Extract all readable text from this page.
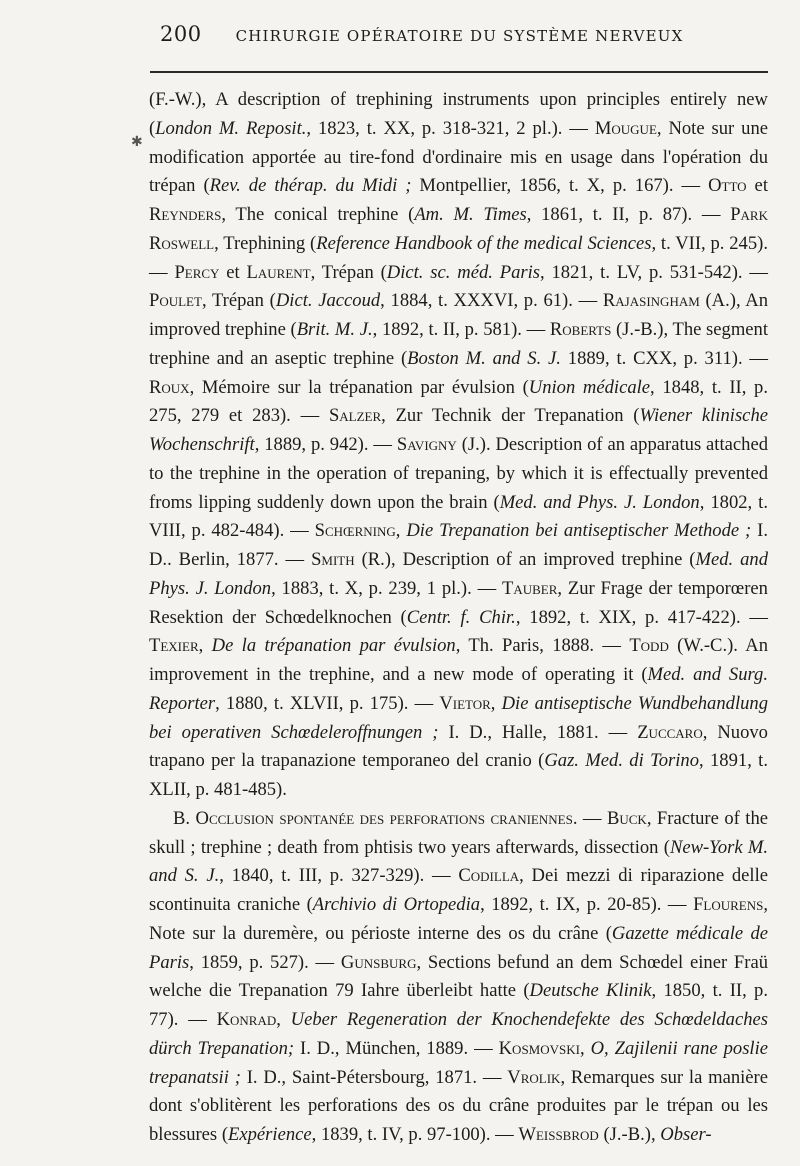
200 CHIRURGIE OPÉRATOIRE DU SYSTÈME NERVEUX
✱

(F.-W.), A description of trephining instruments upon principles entirely new (London M. Reposit., 1823, t. XX, p. 318-321, 2 pl.). — Mougue, Note sur une modification apportée au tire-fond d'ordinaire mis en usage dans l'opération du trépan (Rev. de thérap. du Midi ; Montpellier, 1856, t. X, p. 167). — Otto et Reynders, The conical trephine (Am. M. Times, 1861, t. II, p. 87). — Park Roswell, Trephining (Reference Handbook of the medical Sciences, t. VII, p. 245). — Percy et Laurent, Trépan (Dict. sc. méd. Paris, 1821, t. LV, p. 531-542). — Poulet, Trépan (Dict. Jaccoud, 1884, t. XXXVI, p. 61). — Rajasingham (A.), An improved trephine (Brit. M. J., 1892, t. II, p. 581). — Roberts (J.-B.), The segment trephine and an aseptic trephine (Boston M. and S. J. 1889, t. CXX, p. 311). — Roux, Mémoire sur la trépanation par évulsion (Union médicale, 1848, t. II, p. 275, 279 et 283). — Salzer, Zur Technik der Trepanation (Wiener klinische Wochenschrift, 1889, p. 942). — Savigny (J.). Description of an apparatus attached to the trephine in the operation of trepaning, by which it is effectually prevented froms lipping suddenly down upon the brain (Med. and Phys. J. London, 1802, t. VIII, p. 482-484). — Schœrning, Die Trepanation bei antiseptischer Methode ; I. D.. Berlin, 1877. — Smith (R.), Description of an improved trephine (Med. and Phys. J. London, 1883, t. X, p. 239, 1 pl.). — Tauber, Zur Frage der temporœren Resektion der Schœdelknochen (Centr. f. Chir., 1892, t. XIX, p. 417-422). — Texier, De la trépanation par évulsion, Th. Paris, 1888. — Todd (W.-C.). An improvement in the trephine, and a new mode of operating it (Med. and Surg. Reporter, 1880, t. XLVII, p. 175). — Vietor, Die antiseptische Wundbehandlung bei operativen Schœdeleroffnungen ; I. D., Halle, 1881. — Zuccaro, Nuovo trapano per la trapanazione temporaneo del cranio (Gaz. Med. di Torino, 1891, t. XLII, p. 481-485).

B. Occlusion spontanée des perforations craniennes. — Buck, Fracture of the skull ; trephine ; death from phtisis two years afterwards, dissection (New-York M. and S. J., 1840, t. III, p. 327-329). — Codilla, Dei mezzi di riparazione delle scontinuita craniche (Archivio di Ortopedia, 1892, t. IX, p. 20-85). — Flourens, Note sur la duremère, ou périoste interne des os du crâne (Gazette médicale de Paris, 1859, p. 527). — Gunsburg, Sections befund an dem Schœdel einer Fraü welche die Trepanation 79 Iahre überleibt hatte (Deutsche Klinik, 1850, t. II, p. 77). — Konrad, Ueber Regeneration der Knochendefekte des Schœdeldaches dürch Trepanation; I. D., München, 1889. — Kosmovski, O, Zajilenii rane poslie trepanatsii ; I. D., Saint-Pétersbourg, 1871. — Vrolik, Remarques sur la manière dont s'oblitèrent les perforations des os du crâne produites par le trépan ou les blessures (Expérience, 1839, t. IV, p. 97-100). — Weissbrod (J.-B.), Obser-
